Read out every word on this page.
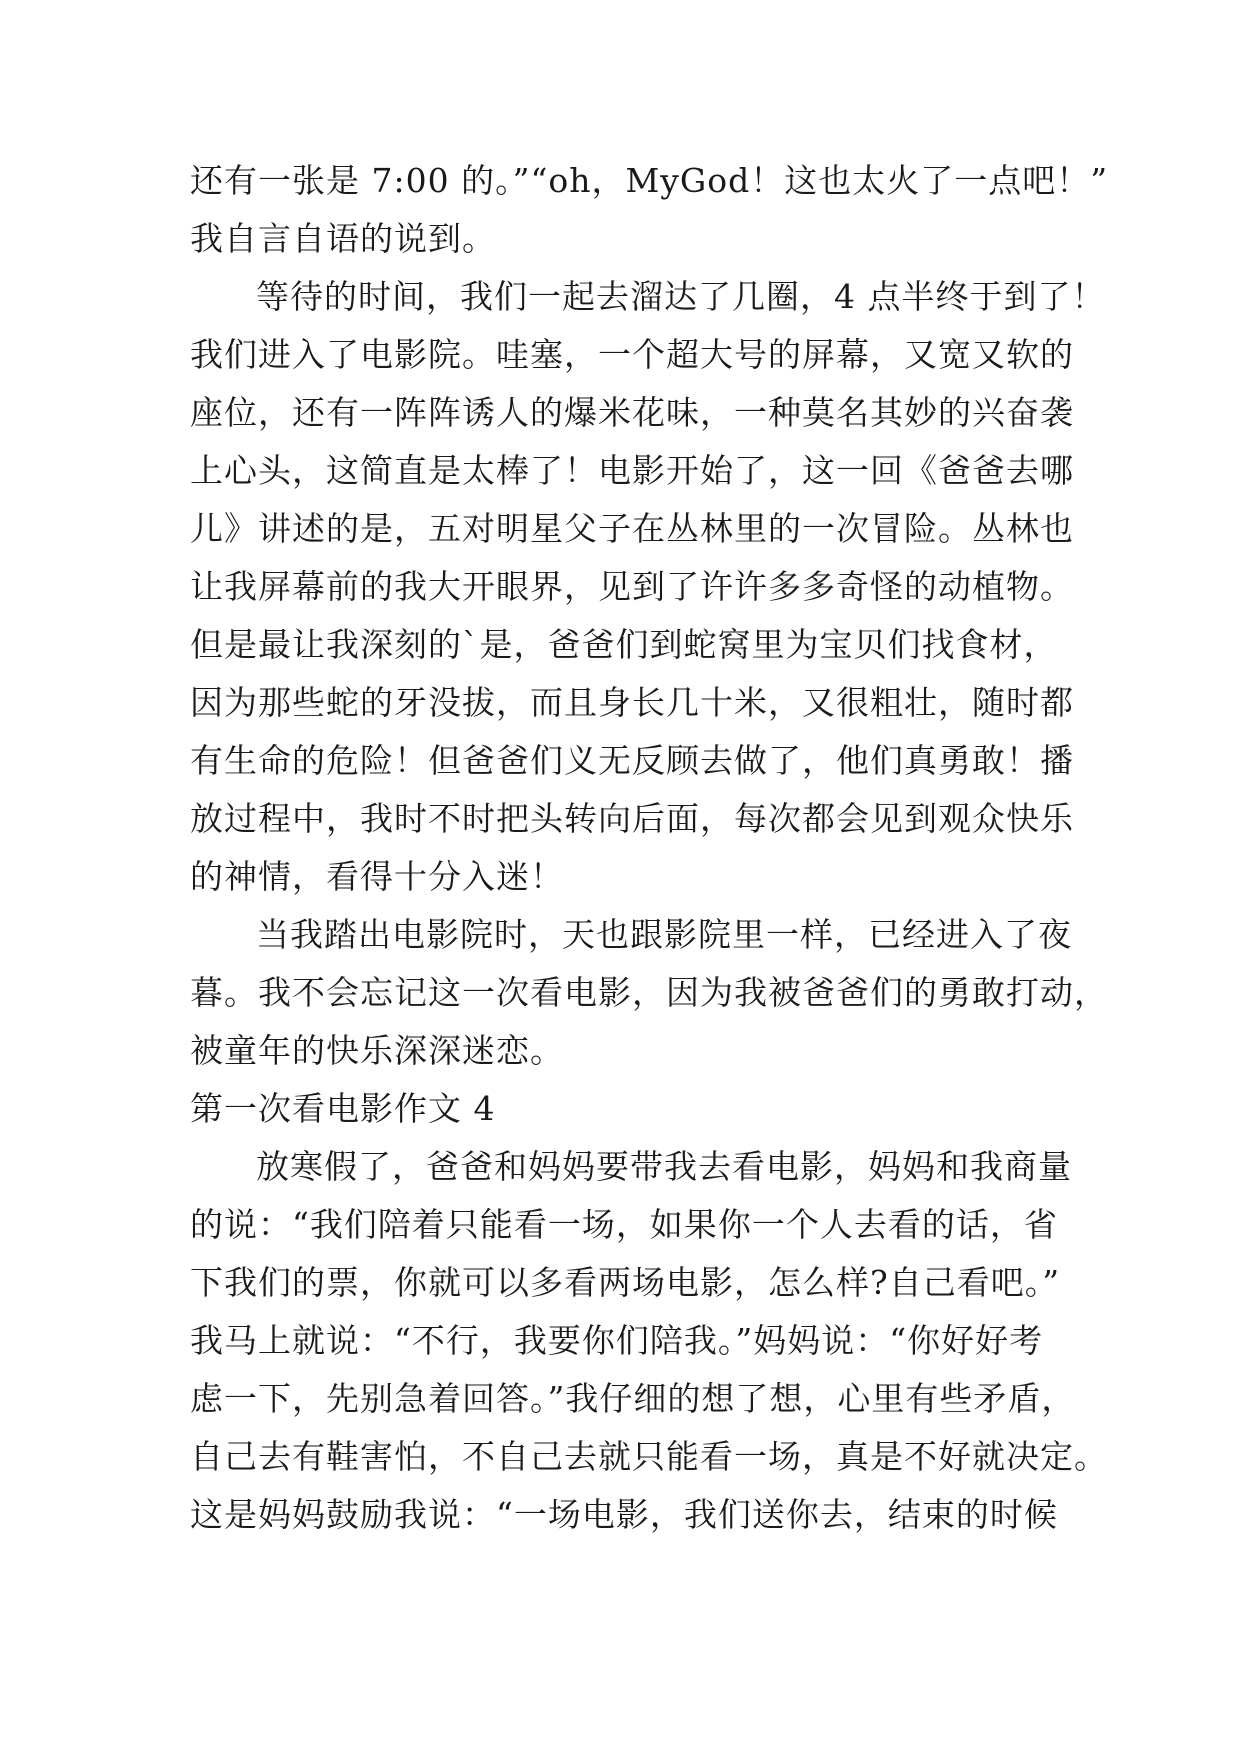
还有一张是 7:00 的。”“oh，MyGod！这也太火了一点吧！”
我自言自语的说到。
等待的时间，我们一起去溜达了几圈，4 点半终于到了！
我们进入了电影院。哇塞，一个超大号的屏幕，又宽又软的
座位，还有一阵阵诱人的爆米花味，一种莫名其妙的兴奋袭
上心头，这简直是太棒了！电影开始了，这一回《爸爸去哪
儿》讲述的是，五对明星父子在丛林里的一次冒险。丛林也
让我屏幕前的我大开眼界，见到了许许多多奇怪的动植物。
但是最让我深刻的`是，爸爸们到蛇窝里为宝贝们找食材，
因为那些蛇的牙没拔，而且身长几十米，又很粗壮，随时都
有生命的危险！但爸爸们义无反顾去做了，他们真勇敢！播
放过程中，我时不时把头转向后面，每次都会见到观众快乐
的神情，看得十分入迷！
当我踏出电影院时，天也跟影院里一样，已经进入了夜
暮。我不会忘记这一次看电影，因为我被爸爸们的勇敢打动，
被童年的快乐深深迷恋。
第一次看电影作文 4
放寒假了，爸爸和妈妈要带我去看电影，妈妈和我商量
的说：“我们陪着只能看一场，如果你一个人去看的话，省
下我们的票，你就可以多看两场电影，怎么样?自己看吧。”
我马上就说：“不行，我要你们陪我。”妈妈说：“你好好考
虑一下，先别急着回答。”我仔细的想了想，心里有些矛盾，
自己去有鞋害怕，不自己去就只能看一场，真是不好就决定。
这是妈妈鼓励我说：“一场电影，我们送你去，结束的时候
